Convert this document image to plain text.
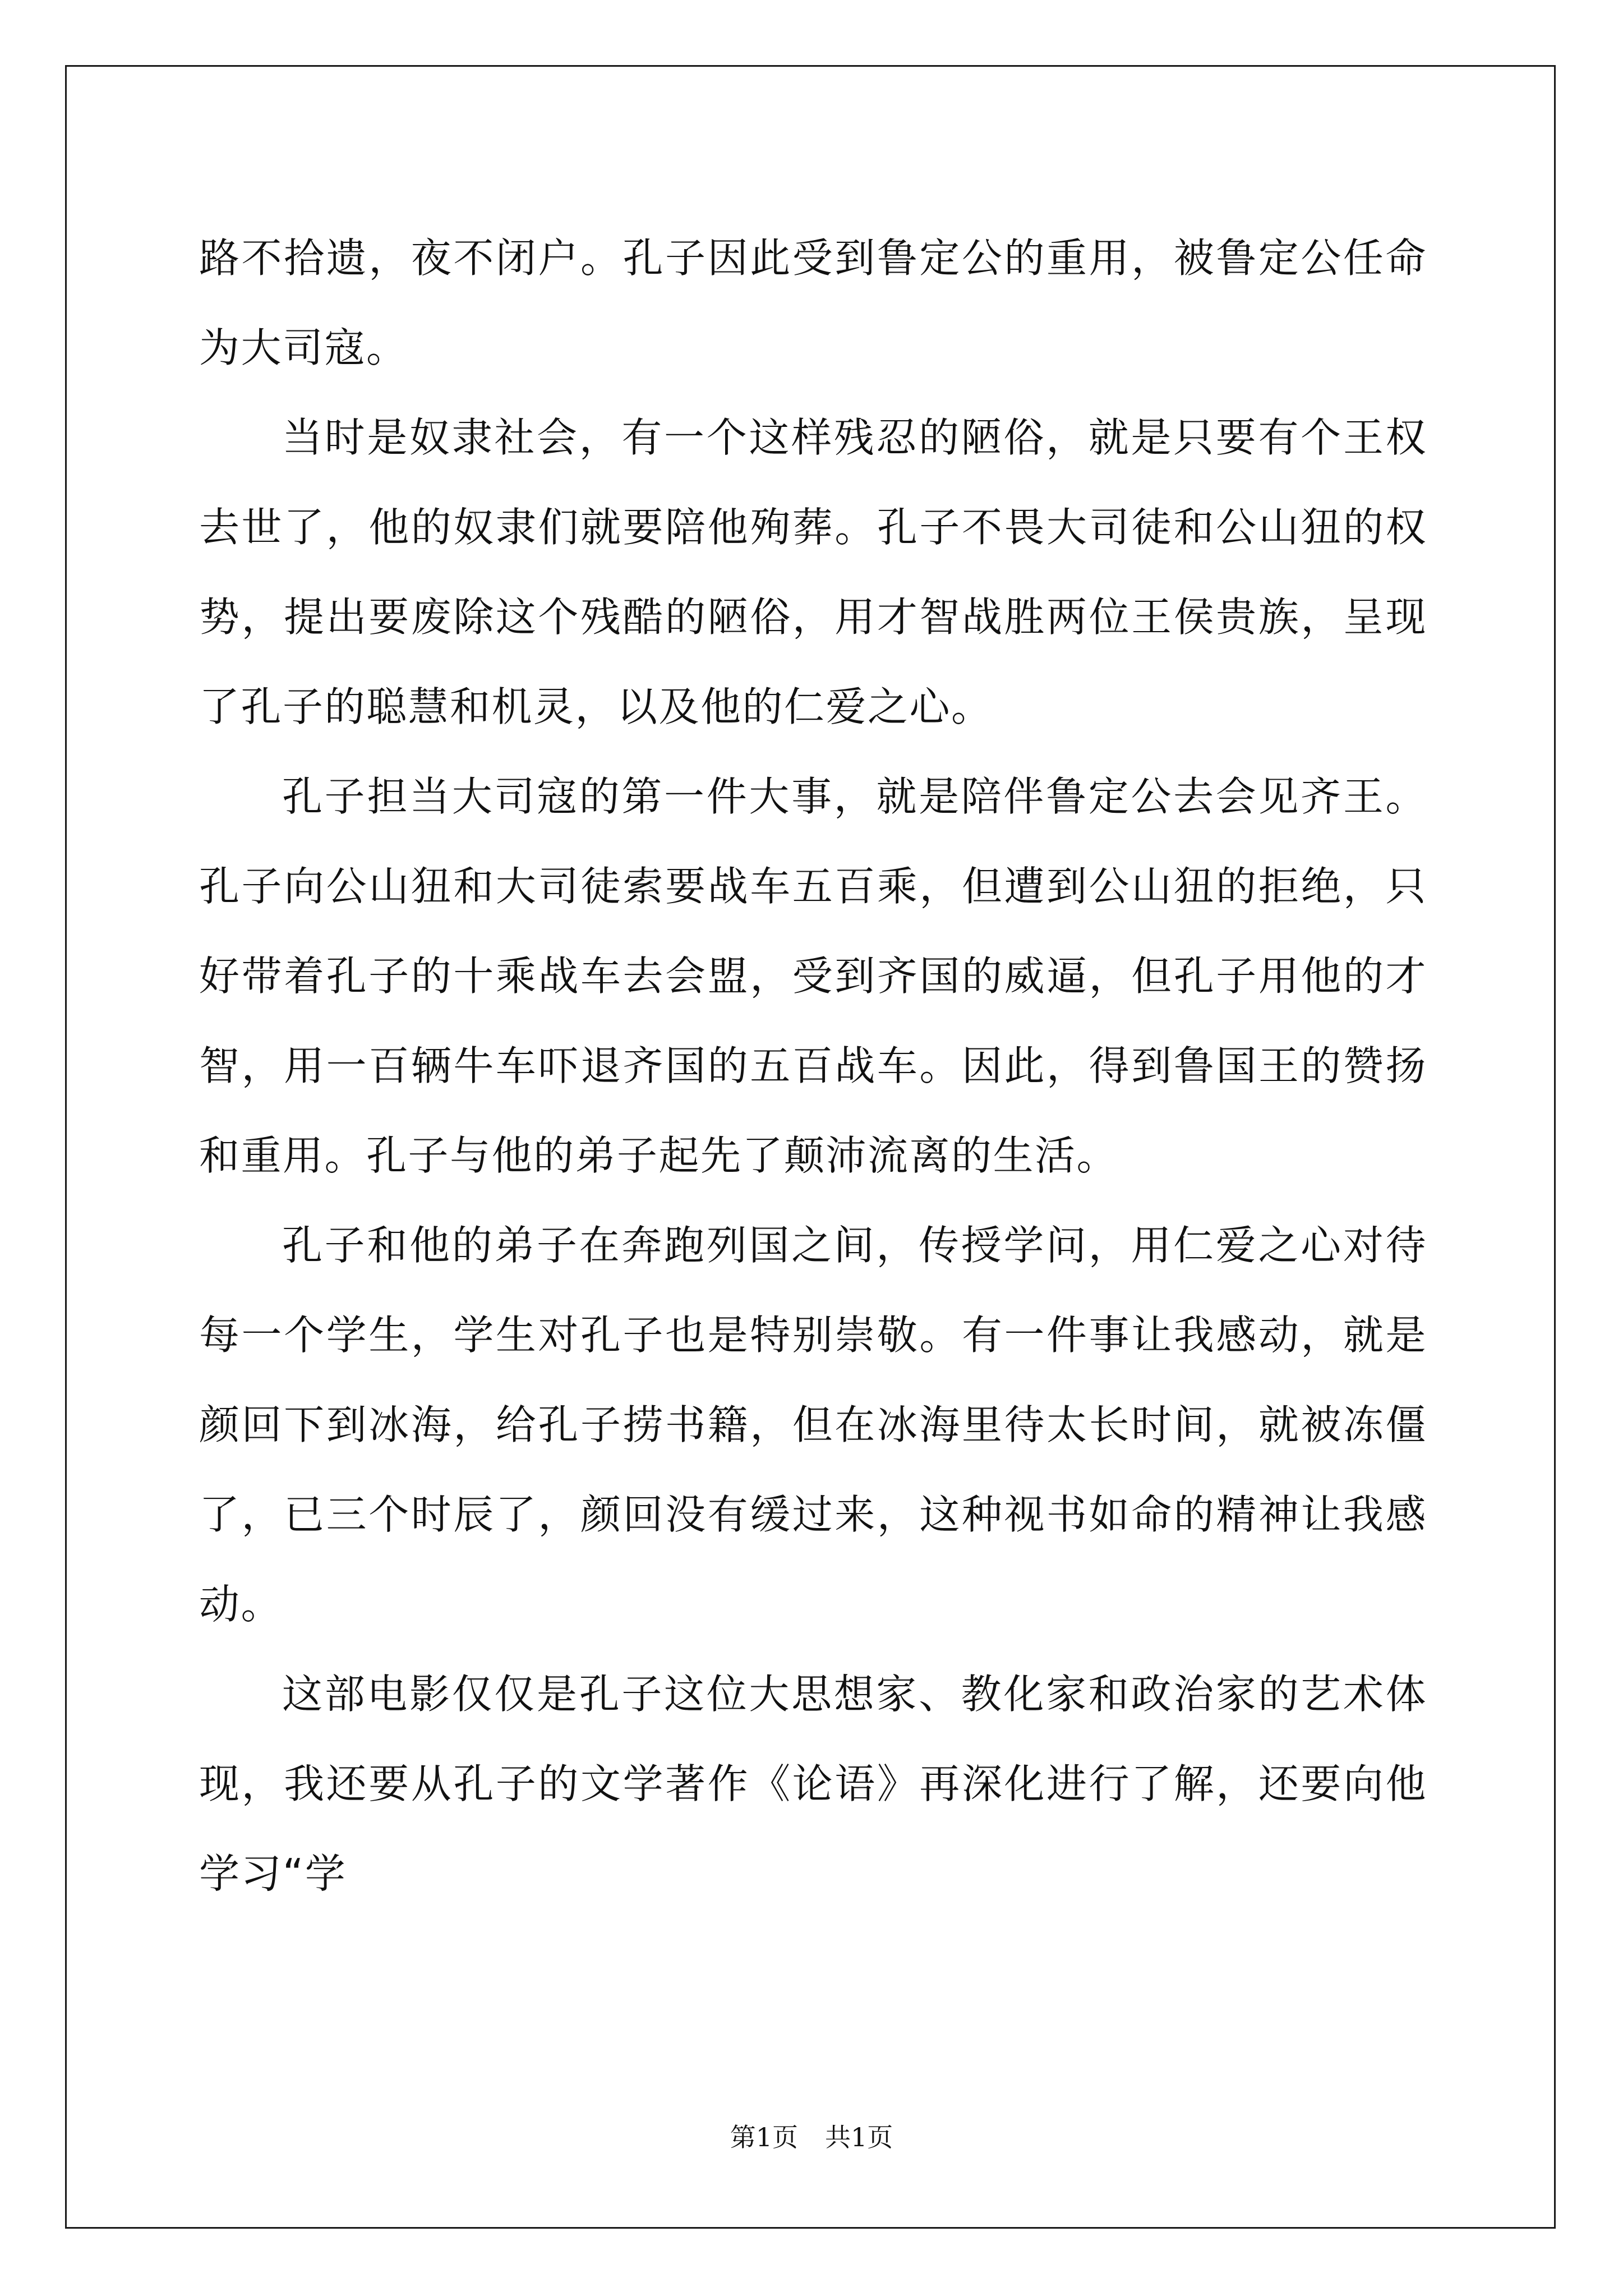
路不拾遗，夜不闭户。孔子因此受到鲁定公的重用，被鲁定公任命为大司寇。

当时是奴隶社会，有一个这样残忍的陋俗，就是只要有个王权去世了，他的奴隶们就要陪他殉葬。孔子不畏大司徒和公山狃的权势，提出要废除这个残酷的陋俗，用才智战胜两位王侯贵族，呈现了孔子的聪慧和机灵，以及他的仁爱之心。

孔子担当大司寇的第一件大事，就是陪伴鲁定公去会见齐王。孔子向公山狃和大司徒索要战车五百乘，但遭到公山狃的拒绝，只好带着孔子的十乘战车去会盟，受到齐国的威逼，但孔子用他的才智，用一百辆牛车吓退齐国的五百战车。因此，得到鲁国王的赞扬和重用。孔子与他的弟子起先了颠沛流离的生活。

孔子和他的弟子在奔跑列国之间，传授学问，用仁爱之心对待每一个学生，学生对孔子也是特别崇敬。有一件事让我感动，就是颜回下到冰海，给孔子捞书籍，但在冰海里待太长时间，就被冻僵了，已三个时辰了，颜回没有缓过来，这种视书如命的精神让我感动。

这部电影仅仅是孔子这位大思想家、教化家和政治家的艺术体现，我还要从孔子的文学著作《论语》再深化进行了解，还要向他学习“学

第1页 共1页
